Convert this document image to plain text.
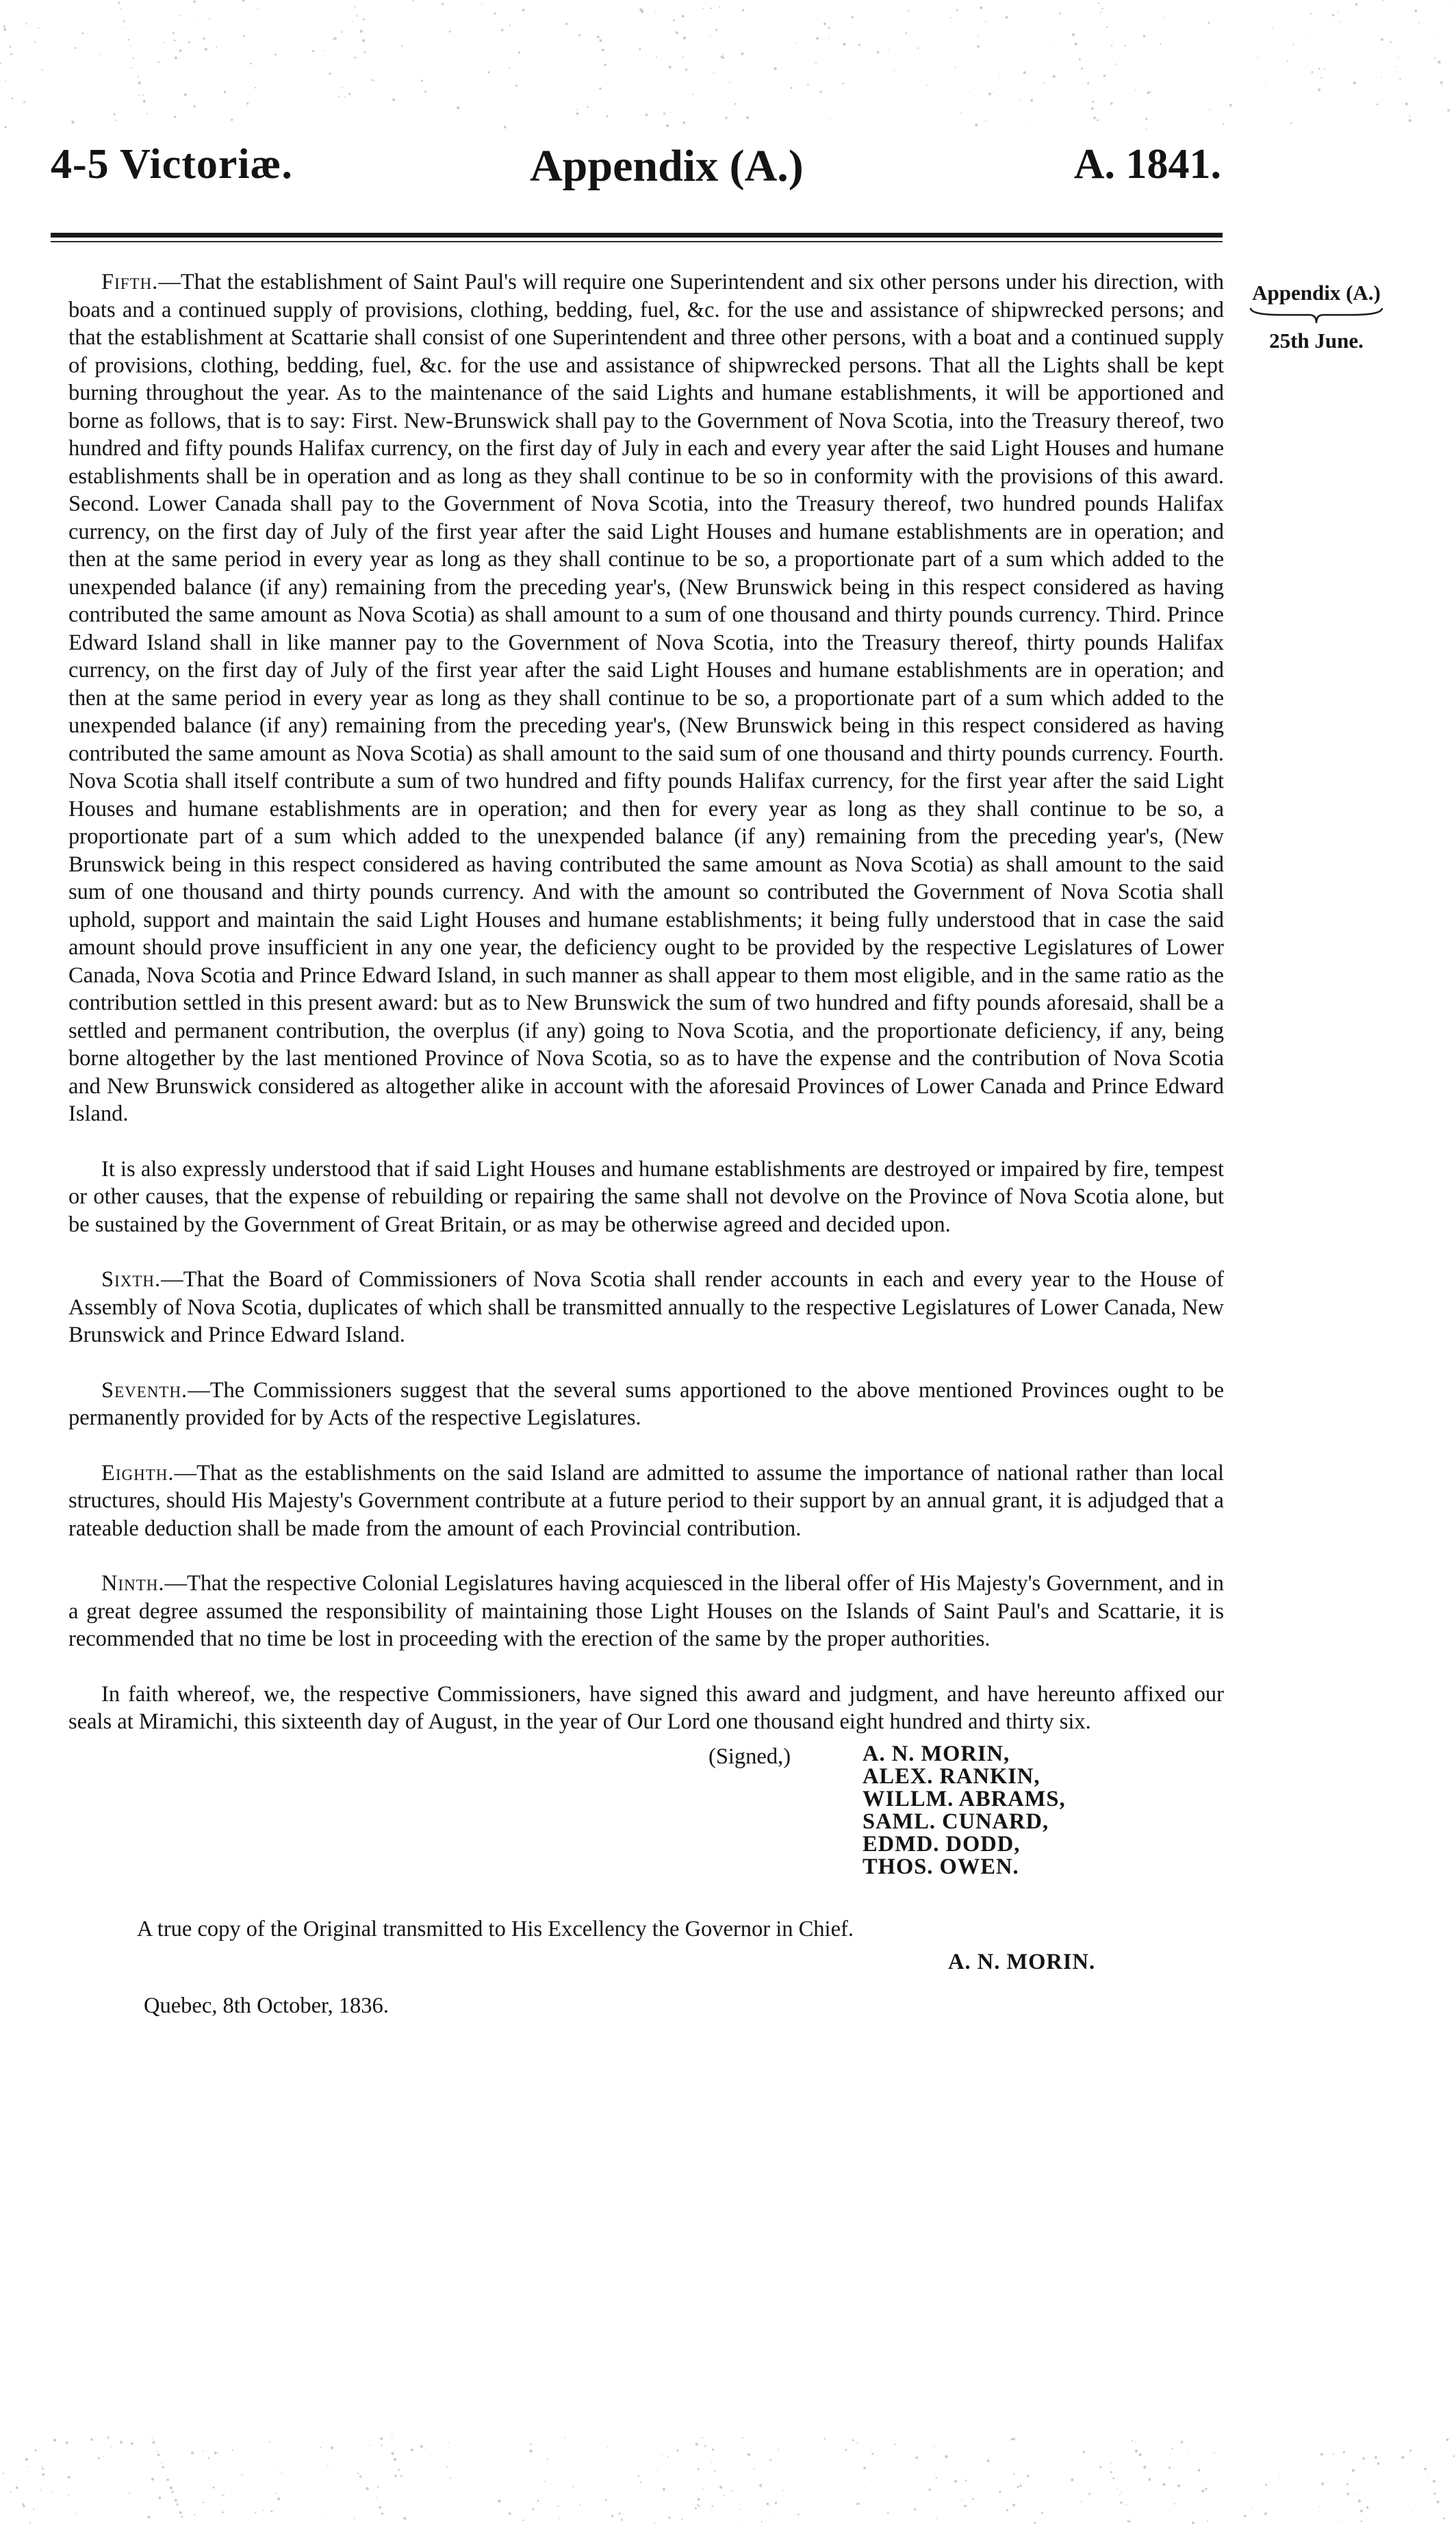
4-5 Victoriæ.	Appendix (A.)	A. 1841.
Appendix (A.)
25th June.

Fifth.—That the establishment of Saint Paul's will require one Superintendent and six other persons under his direction, with boats and a continued supply of provisions, clothing, bedding, fuel, &c. for the use and assistance of shipwrecked persons; and that the establishment at Scattarie shall consist of one Superintendent and three other persons, with a boat and a continued supply of provisions, clothing, bedding, fuel, &c. for the use and assistance of shipwrecked persons. That all the Lights shall be kept burning throughout the year. As to the maintenance of the said Lights and humane establishments, it will be apportioned and borne as follows, that is to say: First. New-Brunswick shall pay to the Government of Nova Scotia, into the Treasury thereof, two hundred and fifty pounds Halifax currency, on the first day of July in each and every year after the said Light Houses and humane establishments shall be in operation and as long as they shall continue to be so in conformity with the provisions of this award. Second. Lower Canada shall pay to the Government of Nova Scotia, into the Treasury thereof, two hundred pounds Halifax currency, on the first day of July of the first year after the said Light Houses and humane establishments are in operation; and then at the same period in every year as long as they shall continue to be so, a proportionate part of a sum which added to the unexpended balance (if any) remaining from the preceding year's, (New Brunswick being in this respect considered as having contributed the same amount as Nova Scotia) as shall amount to a sum of one thousand and thirty pounds currency. Third. Prince Edward Island shall in like manner pay to the Government of Nova Scotia, into the Treasury thereof, thirty pounds Halifax currency, on the first day of July of the first year after the said Light Houses and humane establishments are in operation; and then at the same period in every year as long as they shall continue to be so, a proportionate part of a sum which added to the unexpended balance (if any) remaining from the preceding year's, (New Brunswick being in this respect considered as having contributed the same amount as Nova Scotia) as shall amount to the said sum of one thousand and thirty pounds currency. Fourth. Nova Scotia shall itself contribute a sum of two hundred and fifty pounds Halifax currency, for the first year after the said Light Houses and humane establishments are in operation; and then for every year as long as they shall continue to be so, a proportionate part of a sum which added to the unexpended balance (if any) remaining from the preceding year's, (New Brunswick being in this respect considered as having contributed the same amount as Nova Scotia) as shall amount to the said sum of one thousand and thirty pounds currency. And with the amount so contributed the Government of Nova Scotia shall uphold, support and maintain the said Light Houses and humane establishments; it being fully understood that in case the said amount should prove insufficient in any one year, the deficiency ought to be provided by the respective Legislatures of Lower Canada, Nova Scotia and Prince Edward Island, in such manner as shall appear to them most eligible, and in the same ratio as the contribution settled in this present award: but as to New Brunswick the sum of two hundred and fifty pounds aforesaid, shall be a settled and permanent contribution, the overplus (if any) going to Nova Scotia, and the proportionate deficiency, if any, being borne altogether by the last mentioned Province of Nova Scotia, so as to have the expense and the contribution of Nova Scotia and New Brunswick considered as altogether alike in account with the aforesaid Provinces of Lower Canada and Prince Edward Island.

It is also expressly understood that if said Light Houses and humane establishments are destroyed or impaired by fire, tempest or other causes, that the expense of rebuilding or repairing the same shall not devolve on the Province of Nova Scotia alone, but be sustained by the Government of Great Britain, or as may be otherwise agreed and decided upon.

Sixth.—That the Board of Commissioners of Nova Scotia shall render accounts in each and every year to the House of Assembly of Nova Scotia, duplicates of which shall be transmitted annually to the respective Legislatures of Lower Canada, New Brunswick and Prince Edward Island.

Seventh.—The Commissioners suggest that the several sums apportioned to the above mentioned Provinces ought to be permanently provided for by Acts of the respective Legislatures.

Eighth.—That as the establishments on the said Island are admitted to assume the importance of national rather than local structures, should His Majesty's Government contribute at a future period to their support by an annual grant, it is adjudged that a rateable deduction shall be made from the amount of each Provincial contribution.

Ninth.—That the respective Colonial Legislatures having acquiesced in the liberal offer of His Majesty's Government, and in a great degree assumed the responsibility of maintaining those Light Houses on the Islands of Saint Paul's and Scattarie, it is recommended that no time be lost in proceeding with the erection of the same by the proper authorities.

In faith whereof, we, the respective Commissioners, have signed this award and judgment, and have hereunto affixed our seals at Miramichi, this sixteenth day of August, in the year of Our Lord one thousand eight hundred and thirty six.

(Signed,)	A. N. MORIN,
ALEX. RANKIN,
WILLM. ABRAMS,
SAML. CUNARD,
EDMD. DODD,
THOS. OWEN.
A true copy of the Original transmitted to His Excellency the Governor in Chief.
A. N. MORIN.
Quebec, 8th October, 1836.
